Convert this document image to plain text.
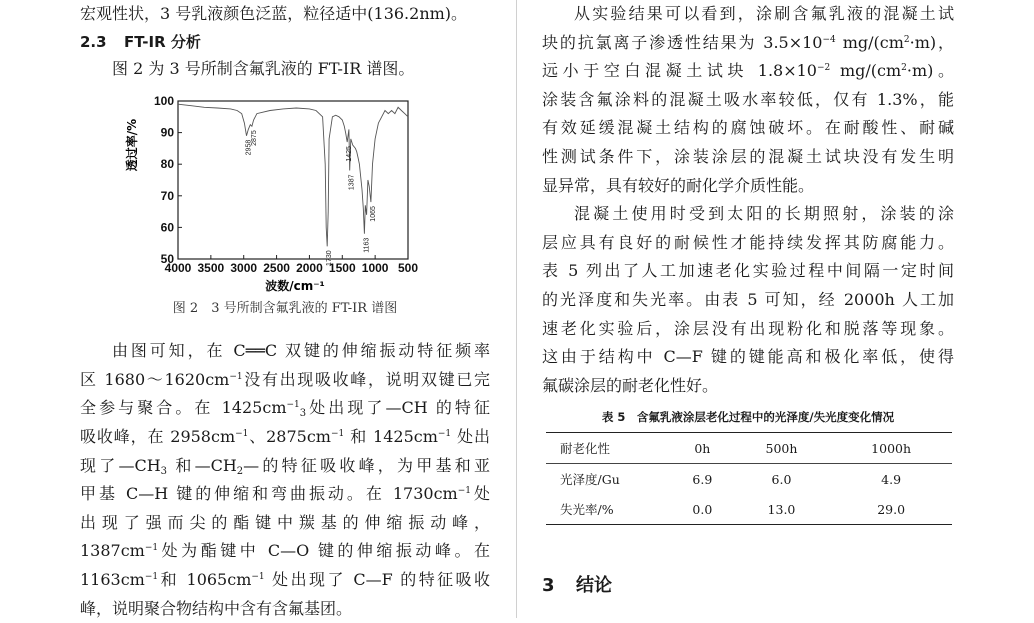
宏观性状，3 号乳液颜色泛蓝，粒径适中(136.2nm)。

2.3 FT-IR 分析

图 2 为 3 号所制含氟乳液的 FT-IR 谱图。

4000 3500 3000 2500 2000 1500 1000 500
50
60
70
80
90
100
2958
2875
1730
1425
1387
1163
1065
透过率/%
波数/cm⁻¹
图 2　3 号所制含氟乳液的 FT-IR 谱图

由图可知，在 C══C 双键的伸缩振动特征频率

区 $1680\sim 1620cm^{-1}$没有出现吸收峰，说明双键已完

全参与聚合。在 $1425cm^{-1}_3$处出现了—CH 的特征

吸收峰，在 $2958cm^{-1}$、$2875cm^{-1}$ 和 $1425cm^{-1}$ 处出

现了$—CH_3$ 和$—CH_2—$的特征吸收峰，为甲基和亚

甲基 C—H 键的伸缩和弯曲振动。在 $1730cm^{-1}$处

出现了强而尖的酯键中羰基的伸缩振动峰，

$1387cm^{-1}$处为酯键中 C—O 键的伸缩振动峰。在

$1163cm^{-1}$和 $1065cm^{-1}$ 处出现了 C—F 的特征吸收

峰，说明聚合物结构中含有含氟基团。

从实验结果可以看到，涂刷含氟乳液的混凝土试

块的抗氯离子渗透性结果为 $3.5\times 10^{-4}$ $mg/(cm^2\cdot m)$，

远小于空白混凝土试块 $1.8\times 10^{-2}$ $mg/(cm^2\cdot m)$。

涂装含氟涂料的混凝土吸水率较低，仅有 1.3%，能

有效延缓混凝土结构的腐蚀破坏。在耐酸性、耐碱

性测试条件下，涂装涂层的混凝土试块没有发生明

显异常，具有较好的耐化学介质性能。

混凝土使用时受到太阳的长期照射，涂装的涂

层应具有良好的耐候性才能持续发挥其防腐能力。

表 5 列出了人工加速老化实验过程中间隔一定时间

的光泽度和失光率。由表 5 可知，经 2000h 人工加

速老化实验后，涂层没有出现粉化和脱落等现象。

这由于结构中 C—F 键的键能高和极化率低，使得

氟碳涂层的耐老化性好。

表 5　含氟乳液涂层老化过程中的光泽度/失光度变化情况
耐老化性	0h	500h	1000h
光泽度/Gu	6.9	6.0	4.9
失光率/%	0.0	13.0	29.0
3 结论
